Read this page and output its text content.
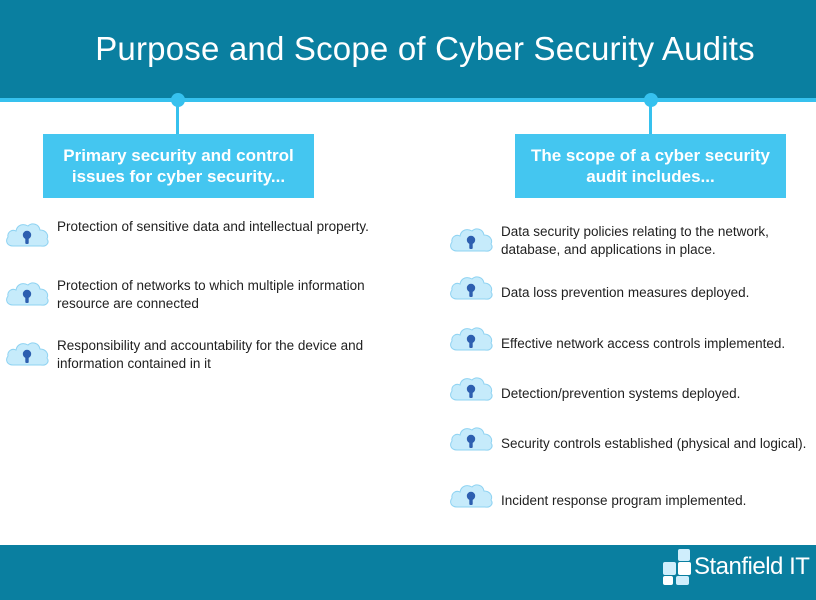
Purpose and Scope of Cyber Security Audits
Primary security and control issues for cyber security...
The scope of a cyber security audit includes...
Protection of sensitive data and intellectual property.
Protection of networks to which multiple information resource are connected
Responsibility and accountability for the device and information contained in it
Data security policies relating to the network, database, and applications in place.
Data loss prevention measures deployed.
Effective network access controls implemented.
Detection/prevention systems deployed.
Security controls established (physical and logical).
Incident response program implemented.
Stanfield IT
